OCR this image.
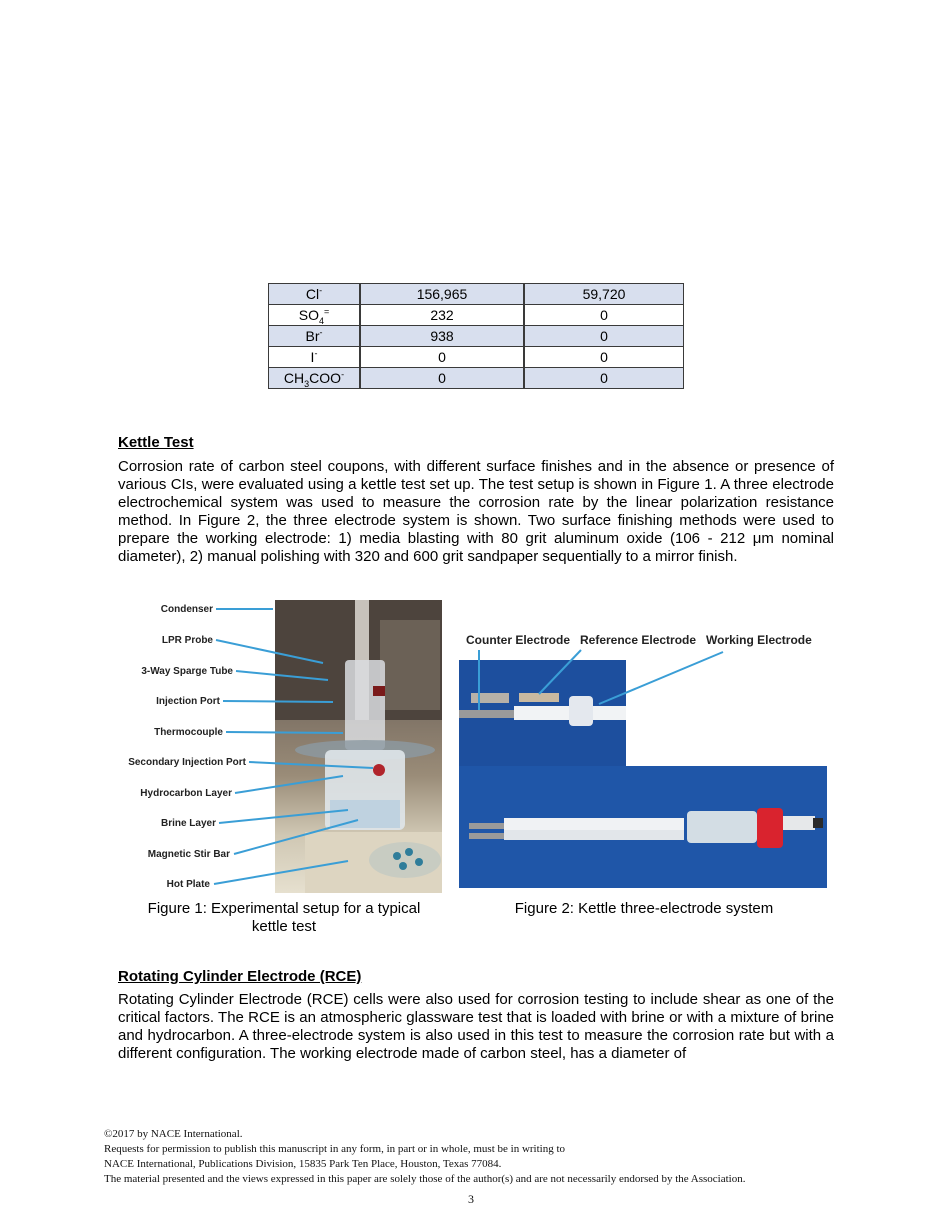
Cl-	156,965	59,720
$SO_4^=$	232	0
Br-	938	0
I-	0	0
$CH_3COO^-$	0	0
Kettle Test
Corrosion rate of carbon steel coupons, with different surface finishes and in the absence or presence of various CIs, were evaluated using a kettle test set up. The test setup is shown in Figure 1. A three electrode electrochemical system was used to measure the corrosion rate by the linear polarization resistance method. In Figure 2, the three electrode system is shown. Two surface finishing methods were used to prepare the working electrode: 1) media blasting with 80 grit aluminum oxide (106 - 212 μm nominal diameter), 2) manual polishing with 320 and 600 grit sandpaper sequentially to a mirror finish.
Condenser
LPR Probe
3-Way Sparge Tube
Injection Port
Thermocouple
Secondary Injection Port
Hydrocarbon Layer
Brine Layer
Magnetic Stir Bar
Hot Plate
Counter Electrode Reference Electrode Working Electrode
Figure 1: Experimental setup for a typical kettle test
Figure 2: Kettle three-electrode system
Rotating Cylinder Electrode (RCE)
Rotating Cylinder Electrode (RCE) cells were also used for corrosion testing to include shear as one of the critical factors. The RCE is an atmospheric glassware test that is loaded with brine or with a mixture of brine and hydrocarbon. A three-electrode system is also used in this test to measure the corrosion rate but with a different configuration. The working electrode made of carbon steel, has a diameter of
©2017 by NACE International.
Requests for permission to publish this manuscript in any form, in part or in whole, must be in writing to
NACE International, Publications Division, 15835 Park Ten Place, Houston, Texas 77084.
The material presented and the views expressed in this paper are solely those of the author(s) and are not necessarily endorsed by the Association.
3
